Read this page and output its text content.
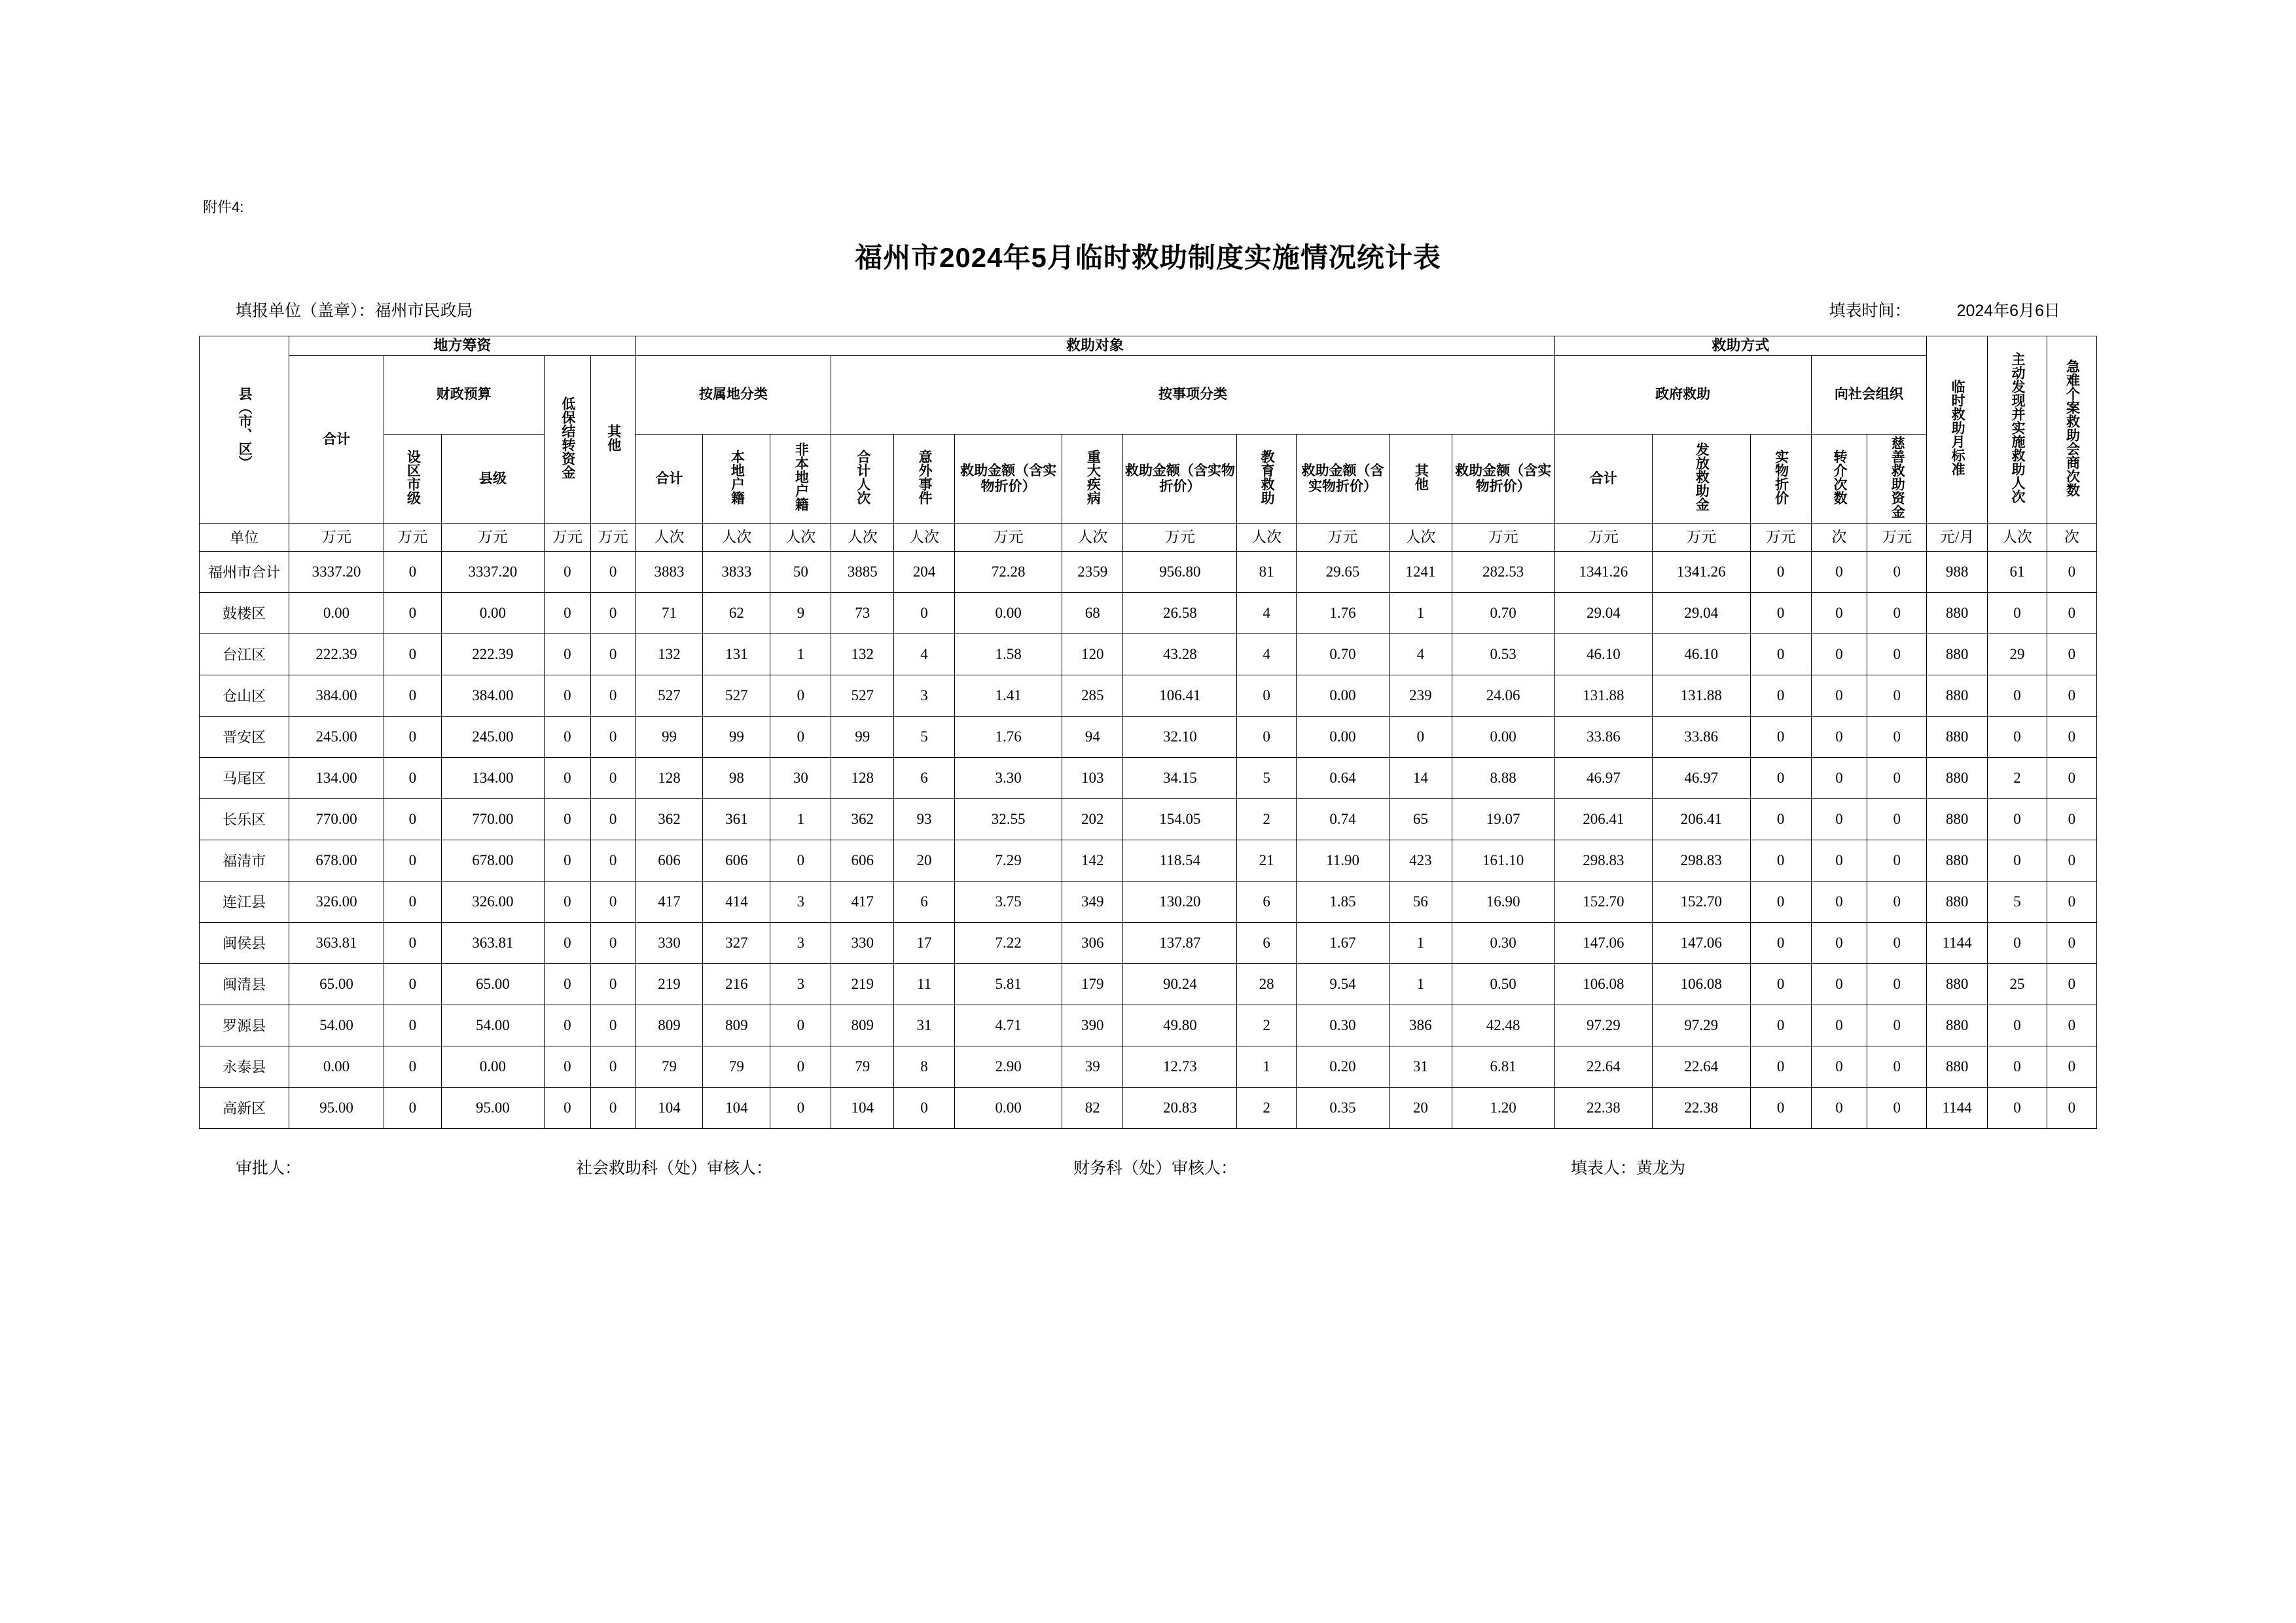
附件4:
福州市2024年5月临时救助制度实施情况统计表
填报单位（盖章）：福州市民政局	填表时间：	2024年6月6日
县（市、区）	地方筹资					救助对象												救助方式					临时救助月标准	主动发现并实施救助人次	急难个案救助会商次数
	合计	财政预算		低保结转资金	其他	按属地分类			按事项分类									政府救助			向社会组织				
		设区市级	县级			合计	本地户籍	非本地户籍	合计人次	意外事件	救助金额（含实物折价）	重大疾病	救助金额（含实物折价）	教育救助	救助金额（含实物折价）	其他	救助金额（含实物折价）	合计	发放救助金	实物折价	转介次数	慈善救助资金			

单位	万元	万元	万元	万元	万元	人次	人次	人次	人次	人次	万元	人次	万元	人次	万元	人次	万元	万元	万元	万元	次	万元	元/月	人次	次
福州市合计	3337.20	0	3337.20	0	0	3883	3833	50	3885	204	72.28	2359	956.80	81	29.65	1241	282.53	1341.26	1341.26	0	0	0	988	61	0
鼓楼区	0.00	0	0.00	0	0	71	62	9	73	0	0.00	68	26.58	4	1.76	1	0.70	29.04	29.04	0	0	0	880	0	0
台江区	222.39	0	222.39	0	0	132	131	1	132	4	1.58	120	43.28	4	0.70	4	0.53	46.10	46.10	0	0	0	880	29	0
仓山区	384.00	0	384.00	0	0	527	527	0	527	3	1.41	285	106.41	0	0.00	239	24.06	131.88	131.88	0	0	0	880	0	0
晋安区	245.00	0	245.00	0	0	99	99	0	99	5	1.76	94	32.10	0	0.00	0	0.00	33.86	33.86	0	0	0	880	0	0
马尾区	134.00	0	134.00	0	0	128	98	30	128	6	3.30	103	34.15	5	0.64	14	8.88	46.97	46.97	0	0	0	880	2	0
长乐区	770.00	0	770.00	0	0	362	361	1	362	93	32.55	202	154.05	2	0.74	65	19.07	206.41	206.41	0	0	0	880	0	0
福清市	678.00	0	678.00	0	0	606	606	0	606	20	7.29	142	118.54	21	11.90	423	161.10	298.83	298.83	0	0	0	880	0	0
连江县	326.00	0	326.00	0	0	417	414	3	417	6	3.75	349	130.20	6	1.85	56	16.90	152.70	152.70	0	0	0	880	5	0
闽侯县	363.81	0	363.81	0	0	330	327	3	330	17	7.22	306	137.87	6	1.67	1	0.30	147.06	147.06	0	0	0	1144	0	0
闽清县	65.00	0	65.00	0	0	219	216	3	219	11	5.81	179	90.24	28	9.54	1	0.50	106.08	106.08	0	0	0	880	25	0
罗源县	54.00	0	54.00	0	0	809	809	0	809	31	4.71	390	49.80	2	0.30	386	42.48	97.29	97.29	0	0	0	880	0	0
永泰县	0.00	0	0.00	0	0	79	79	0	79	8	2.90	39	12.73	1	0.20	31	6.81	22.64	22.64	0	0	0	880	0	0
高新区	95.00	0	95.00	0	0	104	104	0	104	0	0.00	82	20.83	2	0.35	20	1.20	22.38	22.38	0	0	0	1144	0	0
审批人：	社会救助科（处）审核人：	财务科（处）审核人：	填表人：黄龙为
